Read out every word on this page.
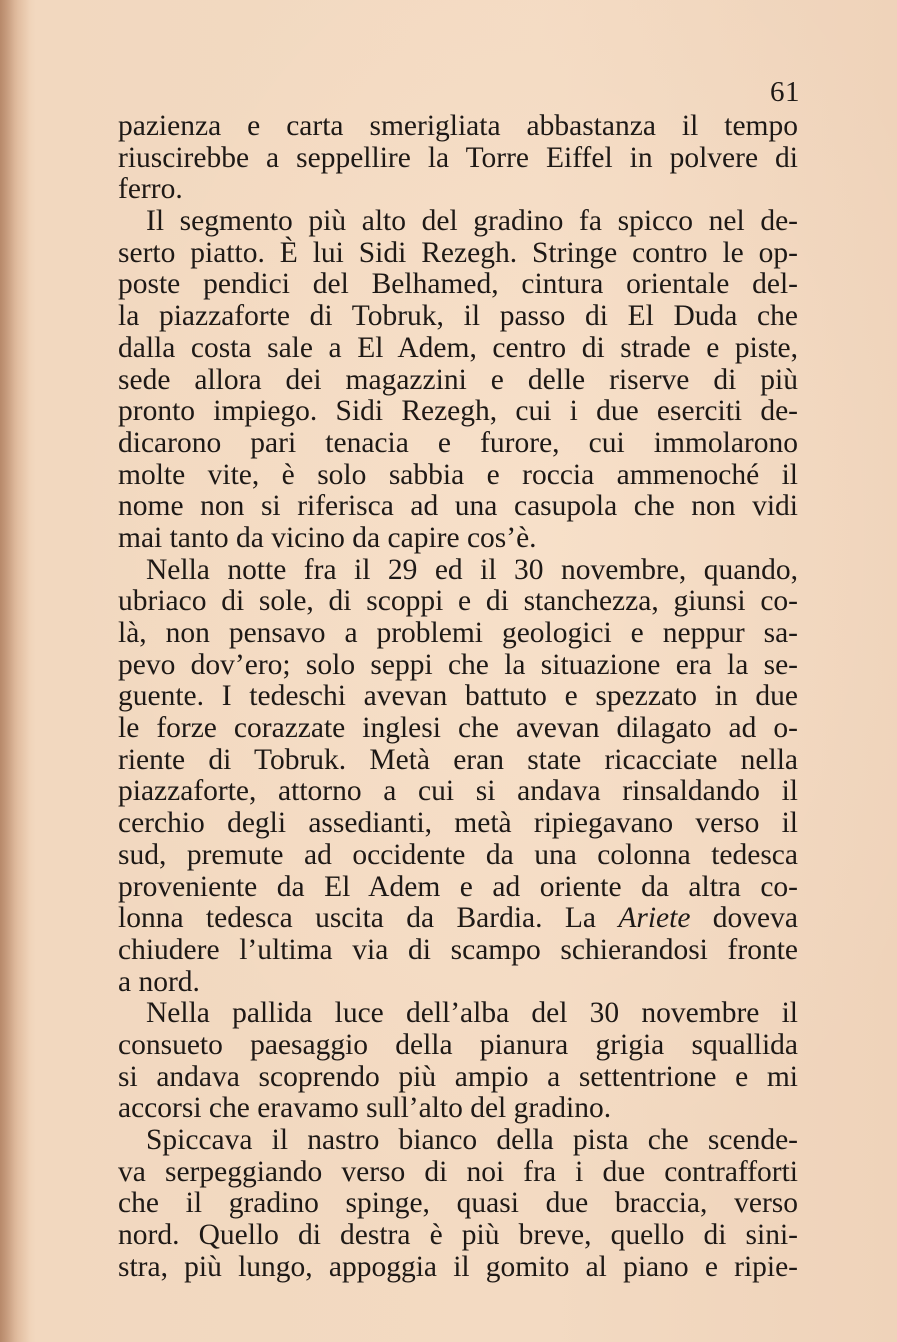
61
pazienza e carta smerigliata abbastanza il tempo
riuscirebbe a seppellire la Torre Eiffel in polvere di
ferro.
Il segmento più alto del gradino fa spicco nel de-
serto piatto. È lui Sidi Rezegh. Stringe contro le op-
poste pendici del Belhamed, cintura orientale del-
la piazzaforte di Tobruk, il passo di El Duda che
dalla costa sale a El Adem, centro di strade e piste,
sede allora dei magazzini e delle riserve di più
pronto impiego. Sidi Rezegh, cui i due eserciti de-
dicarono pari tenacia e furore, cui immolarono
molte vite, è solo sabbia e roccia ammenoché il
nome non si riferisca ad una casupola che non vidi
mai tanto da vicino da capire cos’è.
Nella notte fra il 29 ed il 30 novembre, quando,
ubriaco di sole, di scoppi e di stanchezza, giunsi co-
là, non pensavo a problemi geologici e neppur sa-
pevo dov’ero; solo seppi che la situazione era la se-
guente. I tedeschi avevan battuto e spezzato in due
le forze corazzate inglesi che avevan dilagato ad o-
riente di Tobruk. Metà eran state ricacciate nella
piazzaforte, attorno a cui si andava rinsaldando il
cerchio degli assedianti, metà ripiegavano verso il
sud, premute ad occidente da una colonna tedesca
proveniente da El Adem e ad oriente da altra co-
lonna tedesca uscita da Bardia. La Ariete doveva
chiudere l’ultima via di scampo schierandosi fronte
a nord.
Nella pallida luce dell’alba del 30 novembre il
consueto paesaggio della pianura grigia squallida
si andava scoprendo più ampio a settentrione e mi
accorsi che eravamo sull’alto del gradino.
Spiccava il nastro bianco della pista che scende-
va serpeggiando verso di noi fra i due contrafforti
che il gradino spinge, quasi due braccia, verso
nord. Quello di destra è più breve, quello di sini-
stra, più lungo, appoggia il gomito al piano e ripie-
